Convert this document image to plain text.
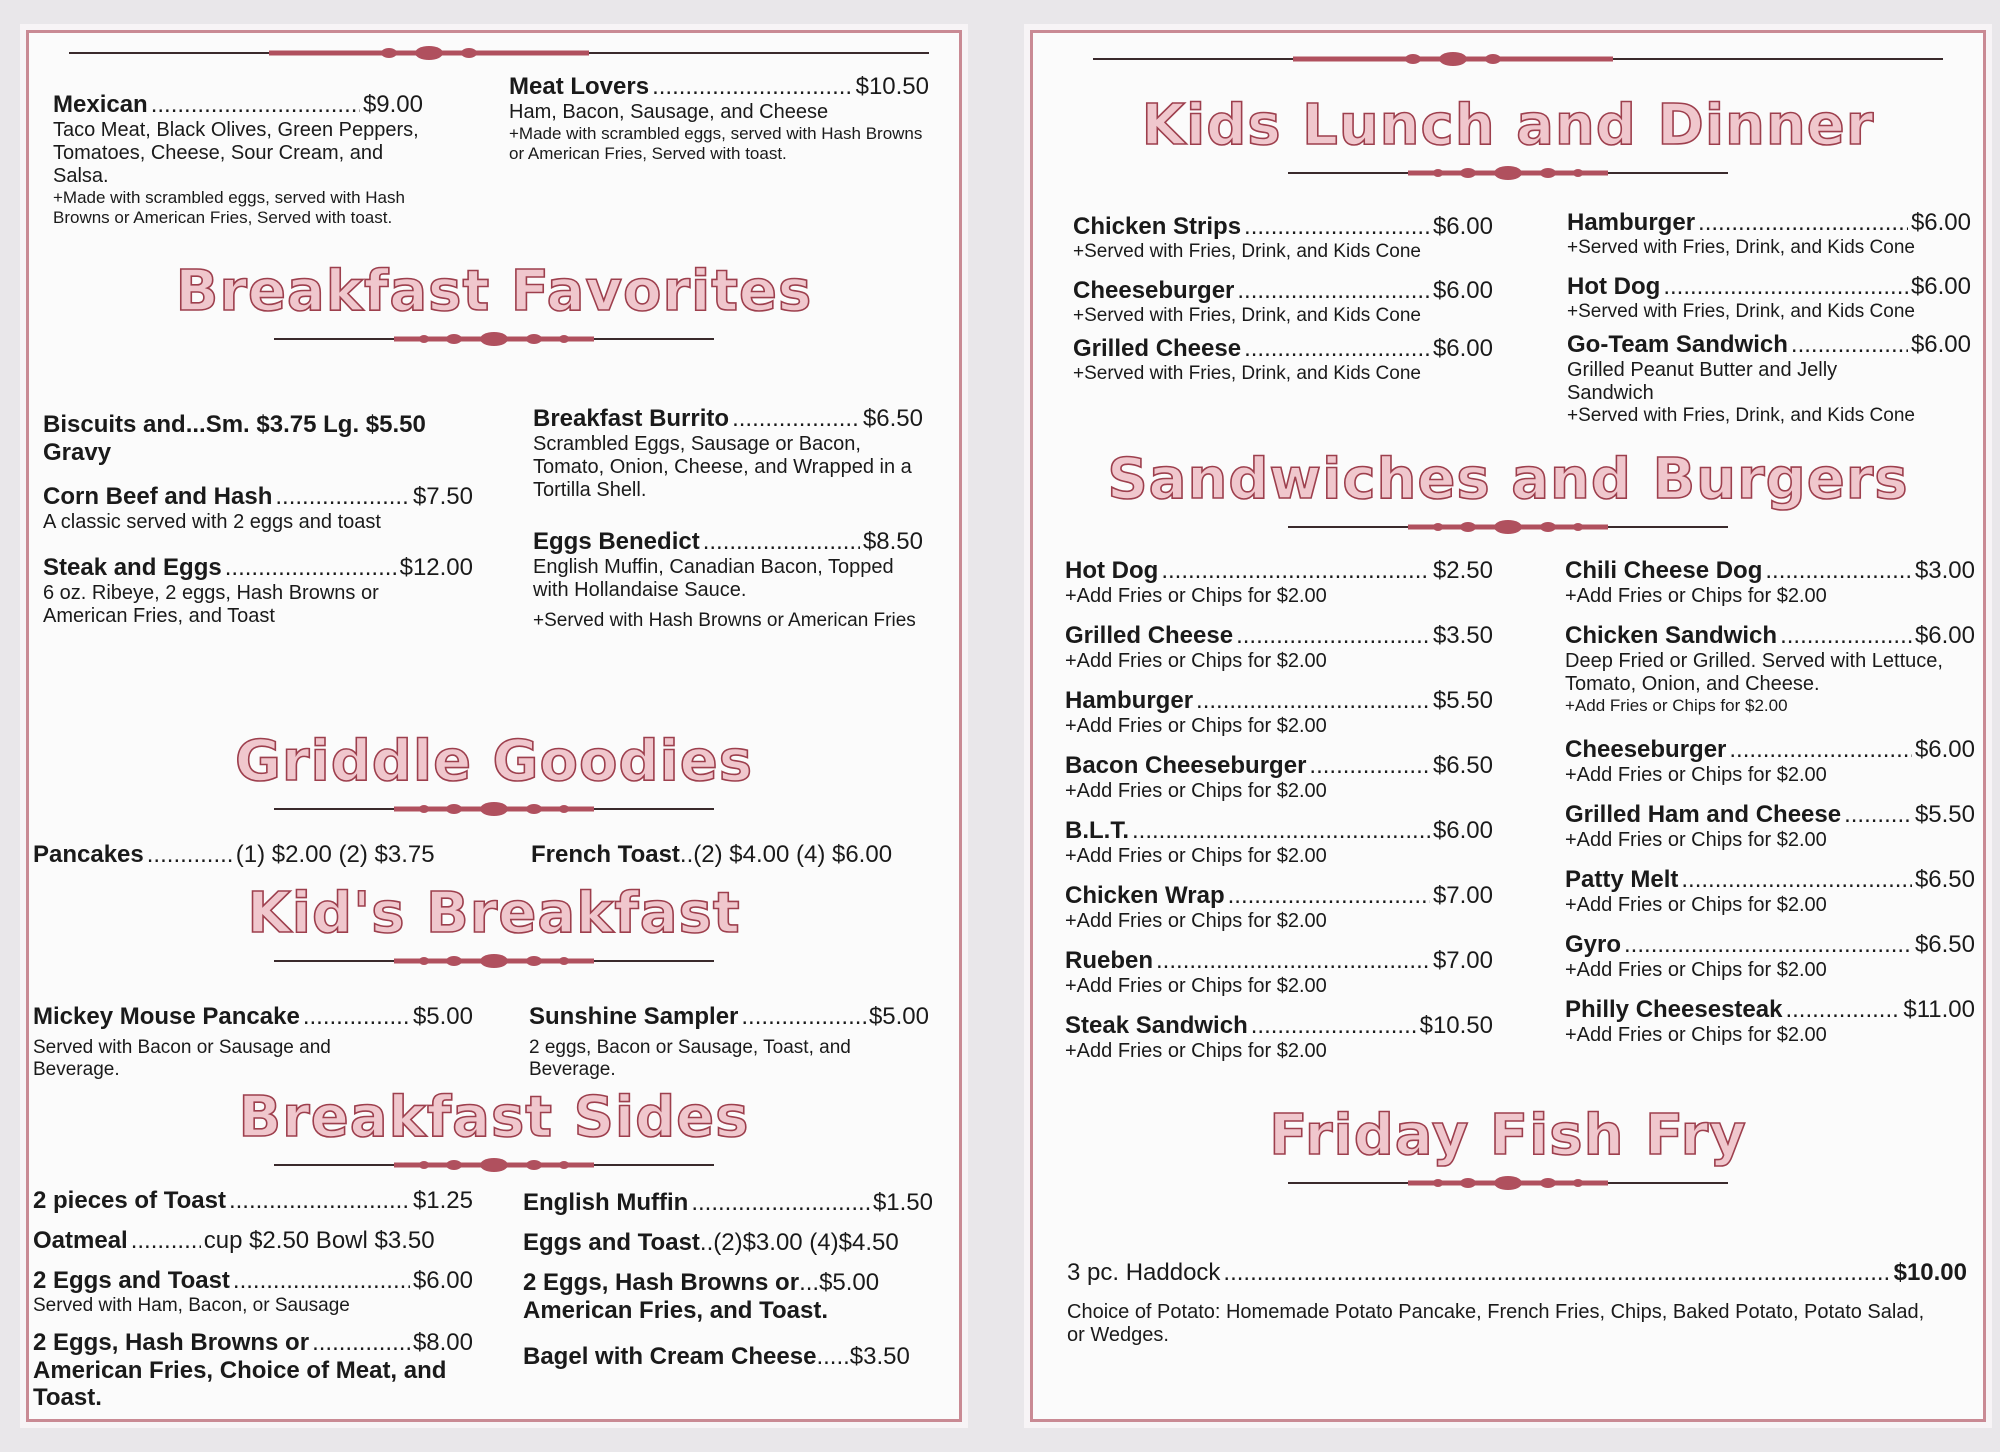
Mexican .....	$9.00
Taco Meat, Black Olives, Green Peppers, Tomatoes, Cheese, Sour Cream, and Salsa.
+Made with scrambled eggs, served with Hash Browns or American Fries, Served with toast.
Meat Lovers .....	$10.50
Ham, Bacon, Sausage, and Cheese
+Made with scrambled eggs, served with Hash Browns or American Fries, Served with toast.
Breakfast Favorites
Biscuits and ...Sm. $3.75 Lg. $5.50
Gravy
Corn Beef and Hash .....	$7.50
A classic served with 2 eggs and toast
Steak and Eggs .....	$12.00
6 oz. Ribeye, 2 eggs, Hash Browns or American Fries, and Toast
Breakfast Burrito .....	$6.50
Scrambled Eggs, Sausage or Bacon, Tomato, Onion, Cheese, and Wrapped in a Tortilla Shell.
Eggs Benedict .....	$8.50
English Muffin, Canadian Bacon, Topped with Hollandaise Sauce.
+Served with Hash Browns or American Fries
Griddle Goodies
Pancakes .....	(1) $2.00 (2) $3.75	French Toast ..(2) $4.00 (4) $6.00
Kid's Breakfast
Mickey Mouse Pancake .....	$5.00
Served with Bacon or Sausage and Beverage.
Sunshine Sampler .....	$5.00
2 eggs, Bacon or Sausage, Toast, and Beverage.
Breakfast Sides
2 pieces of Toast .....	$1.25
Oatmeal .....	cup $2.50 Bowl $3.50
2 Eggs and Toast .....	$6.00
Served with Ham, Bacon, or Sausage
2 Eggs, Hash Browns or .....	$8.00
American Fries, Choice of Meat, and Toast.
English Muffin .....	$1.50
Eggs and Toast ..(2)$3.00 (4)$4.50
2 Eggs, Hash Browns or ...$5.00
American Fries, and Toast.
Bagel with Cream Cheese .....$3.50
Kids Lunch and Dinner
Chicken Strips .....	$6.00
+Served with Fries, Drink, and Kids Cone
Cheeseburger .....	$6.00
+Served with Fries, Drink, and Kids Cone
Grilled Cheese .....	$6.00
+Served with Fries, Drink, and Kids Cone
Hamburger .....	$6.00
+Served with Fries, Drink, and Kids Cone
Hot Dog .....	$6.00
+Served with Fries, Drink, and Kids Cone
Go-Team Sandwich .....	$6.00
Grilled Peanut Butter and Jelly Sandwich
+Served with Fries, Drink, and Kids Cone
Sandwiches and Burgers
Hot Dog .....	$2.50
+Add Fries or Chips for $2.00
Grilled Cheese .....	$3.50
+Add Fries or Chips for $2.00
Hamburger .....	$5.50
+Add Fries or Chips for $2.00
Bacon Cheeseburger .....	$6.50
+Add Fries or Chips for $2.00
B.L.T. .....	$6.00
+Add Fries or Chips for $2.00
Chicken Wrap .....	$7.00
+Add Fries or Chips for $2.00
Rueben .....	$7.00
+Add Fries or Chips for $2.00
Steak Sandwich .....	$10.50
+Add Fries or Chips for $2.00
Chili Cheese Dog .....	$3.00
+Add Fries or Chips for $2.00
Chicken Sandwich .....	$6.00
Deep Fried or Grilled. Served with Lettuce, Tomato, Onion, and Cheese.
+Add Fries or Chips for $2.00
Cheeseburger .....	$6.00
+Add Fries or Chips for $2.00
Grilled Ham and Cheese .....	$5.50
+Add Fries or Chips for $2.00
Patty Melt .....	$6.50
+Add Fries or Chips for $2.00
Gyro .....	$6.50
+Add Fries or Chips for $2.00
Philly Cheesesteak .....	$11.00
+Add Fries or Chips for $2.00
Friday Fish Fry
3 pc. Haddock .....	$10.00
Choice of Potato: Homemade Potato Pancake, French Fries, Chips, Baked Potato, Potato Salad, or Wedges.
